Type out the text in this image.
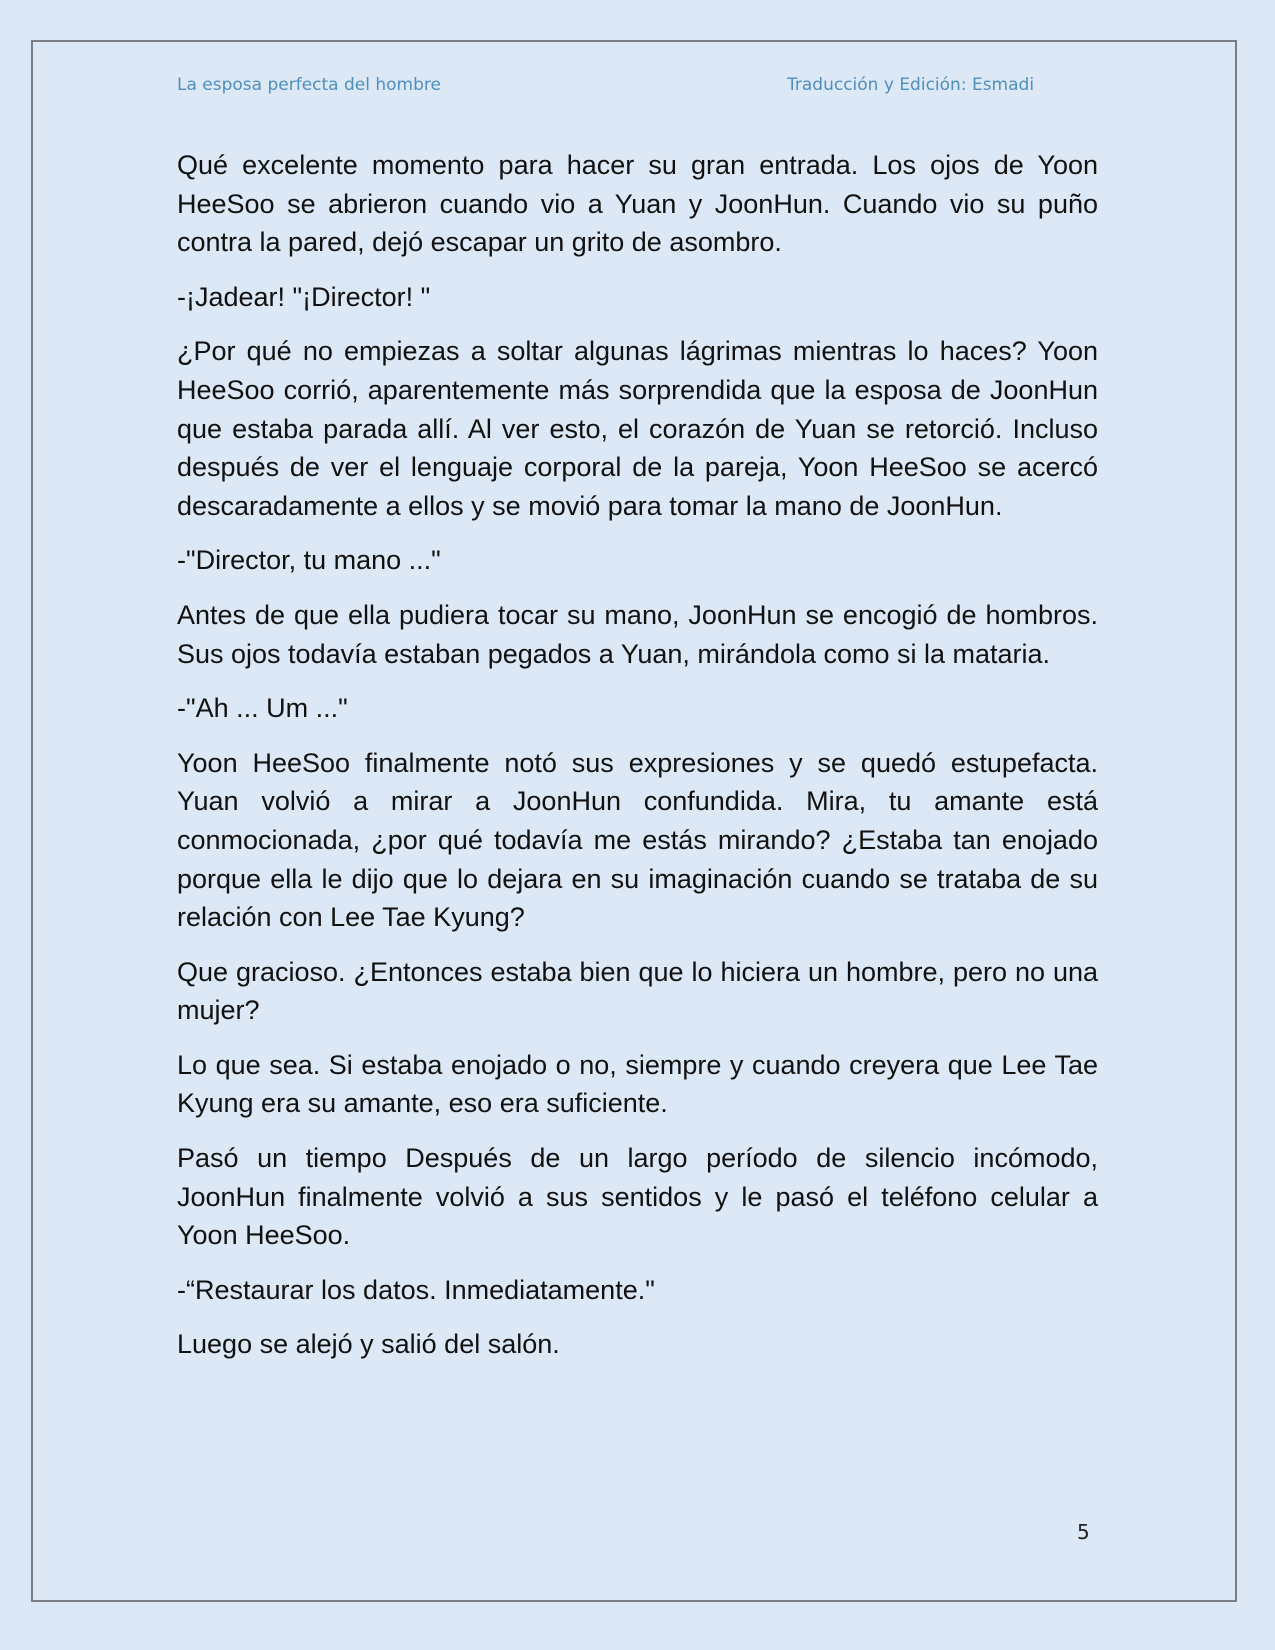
La esposa perfecta del hombre	Traducción y Edición: Esmadi

Qué excelente momento para hacer su gran entrada. Los ojos de Yoon HeeSoo se abrieron cuando vio a Yuan y JoonHun. Cuando vio su puño contra la pared, dejó escapar un grito de asombro.

-¡Jadear! "¡Director! "

¿Por qué no empiezas a soltar algunas lágrimas mientras lo haces? Yoon HeeSoo corrió, aparentemente más sorprendida que la esposa de JoonHun que estaba parada allí. Al ver esto, el corazón de Yuan se retorció. Incluso después de ver el lenguaje corporal de la pareja, Yoon HeeSoo se acercó descaradamente a ellos y se movió para tomar la mano de JoonHun.

-"Director, tu mano ..."

Antes de que ella pudiera tocar su mano, JoonHun se encogió de hombros. Sus ojos todavía estaban pegados a Yuan, mirándola como si la mataria.

-"Ah ... Um ..."

Yoon HeeSoo finalmente notó sus expresiones y se quedó estupefacta. Yuan volvió a mirar a JoonHun confundida. Mira, tu amante está conmocionada, ¿por qué todavía me estás mirando? ¿Estaba tan enojado porque ella le dijo que lo dejara en su imaginación cuando se trataba de su relación con Lee Tae Kyung?

Que gracioso. ¿Entonces estaba bien que lo hiciera un hombre, pero no una mujer?

Lo que sea. Si estaba enojado o no, siempre y cuando creyera que Lee Tae Kyung era su amante, eso era suficiente.

Pasó un tiempo Después de un largo período de silencio incómodo, JoonHun finalmente volvió a sus sentidos y le pasó el teléfono celular a Yoon HeeSoo.

-“Restaurar los datos. Inmediatamente."

Luego se alejó y salió del salón.

5
